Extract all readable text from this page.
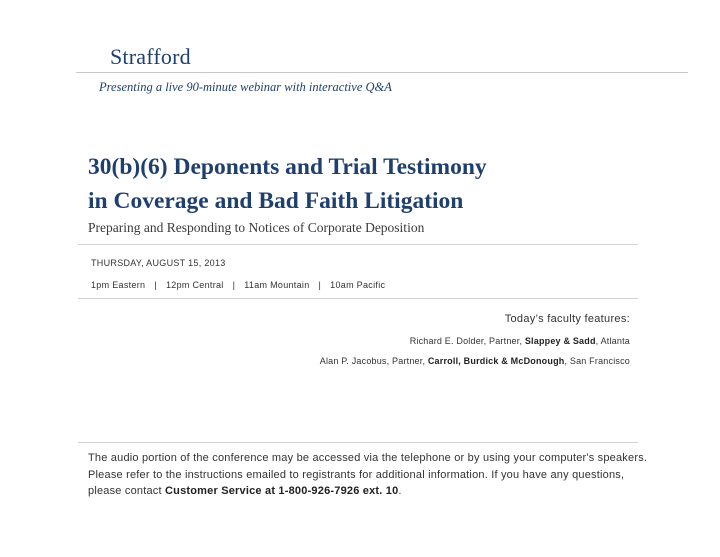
Strafford
Presenting a live 90-minute webinar with interactive Q&A
30(b)(6) Deponents and Trial Testimony
in Coverage and Bad Faith Litigation
Preparing and Responding to Notices of Corporate Deposition
THURSDAY, AUGUST 15, 2013
1pm Eastern | 12pm Central | 11am Mountain | 10am Pacific
Today’s faculty features:
Richard E. Dolder, Partner, Slappey & Sadd, Atlanta
Alan P. Jacobus, Partner, Carroll, Burdick & McDonough, San Francisco
The audio portion of the conference may be accessed via the telephone or by using your computer's speakers. Please refer to the instructions emailed to registrants for additional information. If you have any questions, please contact Customer Service at 1-800-926-7926 ext. 10.
